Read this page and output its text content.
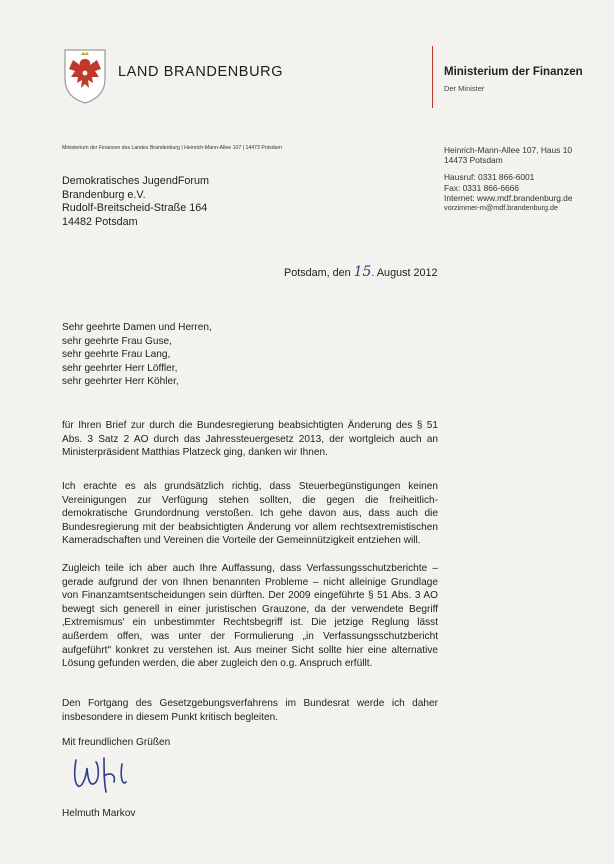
LAND BRANDENBURG	Ministerium der Finanzen
Der Minister
Ministerium der Finanzen des Landes Brandenburg | Heinrich-Mann-Allee 107 | 14473 Potsdam	Heinrich-Mann-Allee 107, Haus 10
14473 Potsdam
Hausruf: 0331 866-6001
Fax: 0331 866-6666
Internet: www.mdf.brandenburg.de
vorzimmer-m@mdf.brandenburg.de
Demokratisches JugendForum
Brandenburg e.V.
Rudolf-Breitscheid-Straße 164
14482 Potsdam
Potsdam, den 15. August 2012
Sehr geehrte Damen und Herren,
sehr geehrte Frau Guse,
sehr geehrte Frau Lang,
sehr geehrter Herr Löffler,
sehr geehrter Herr Köhler,
für Ihren Brief zur durch die Bundesregierung beabsichtigten Änderung des § 51 Abs. 3 Satz 2 AO durch das Jahressteuergesetz 2013, der wortgleich auch an Ministerpräsident Matthias Platzeck ging, danken wir Ihnen.
Ich erachte es als grundsätzlich richtig, dass Steuerbegünstigungen keinen Vereinigungen zur Verfügung stehen sollten, die gegen die freiheitlich-demokratische Grundordnung verstoßen. Ich gehe davon aus, dass auch die Bundesregierung mit der beabsichtigten Änderung vor allem rechtsextremistischen Kameradschaften und Vereinen die Vorteile der Gemeinnützigkeit entziehen will.
Zugleich teile ich aber auch Ihre Auffassung, dass Verfassungsschutzberichte – gerade aufgrund der von Ihnen benannten Probleme – nicht alleinige Grundlage von Finanzamtsentscheidungen sein dürften. Der 2009 eingeführte § 51 Abs. 3 AO bewegt sich generell in einer juristischen Grauzone, da der verwendete Begriff ‚Extremismus' ein unbestimmter Rechtsbegriff ist. Die jetzige Reglung lässt außerdem offen, was unter der Formulierung „in Verfassungsschutzbericht aufgeführt" konkret zu verstehen ist. Aus meiner Sicht sollte hier eine alternative Lösung gefunden werden, die aber zugleich den o.g. Anspruch erfüllt.
Den Fortgang des Gesetzgebungsverfahrens im Bundesrat werde ich daher insbesondere in diesem Punkt kritisch begleiten.
Mit freundlichen Grüßen
Helmuth Markov
